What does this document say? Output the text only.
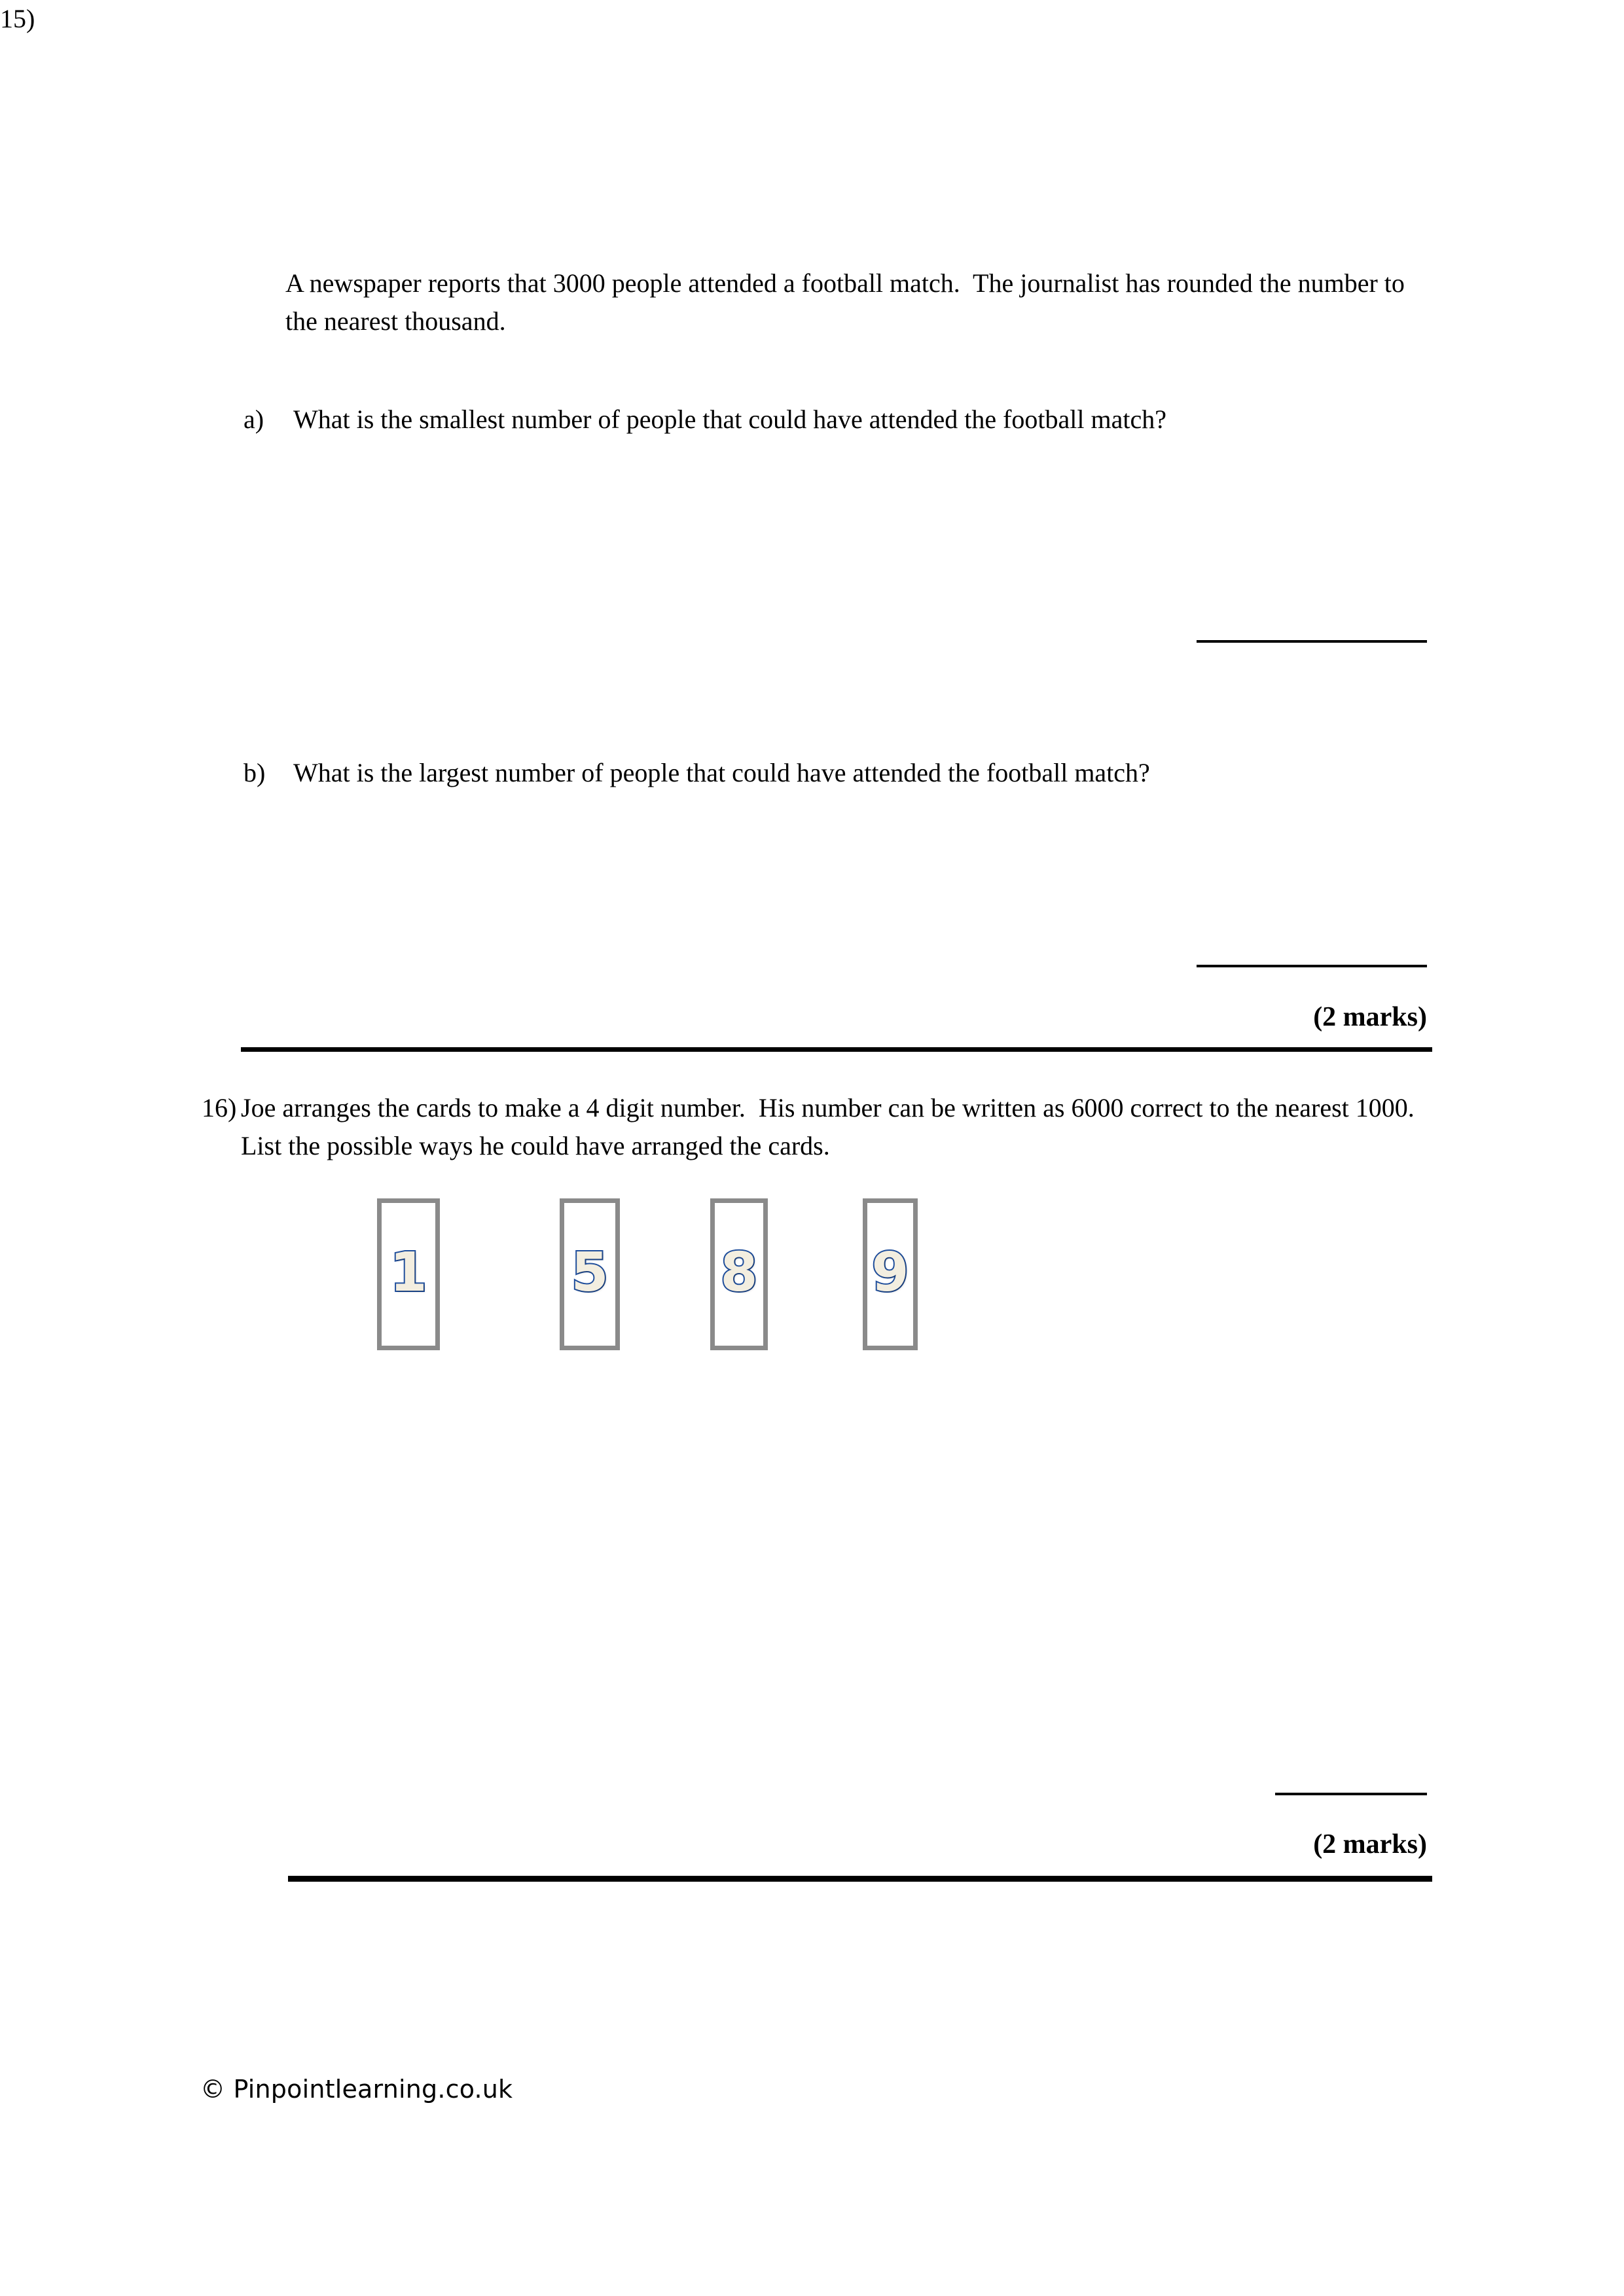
15)
A newspaper reports that 3000 people attended a football match.  The journalist has rounded the number to the nearest thousand.
a) What is the smallest number of people that could have attended the football match?
b) What is the largest number of people that could have attended the football match?
(2 marks)
16) Joe arranges the cards to make a 4 digit number.  His number can be written as 6000 correct to the nearest 1000.  List the possible ways he could have arranged the cards.
1	5 8 9
(2 marks)
© Pinpointlearning.co.uk
